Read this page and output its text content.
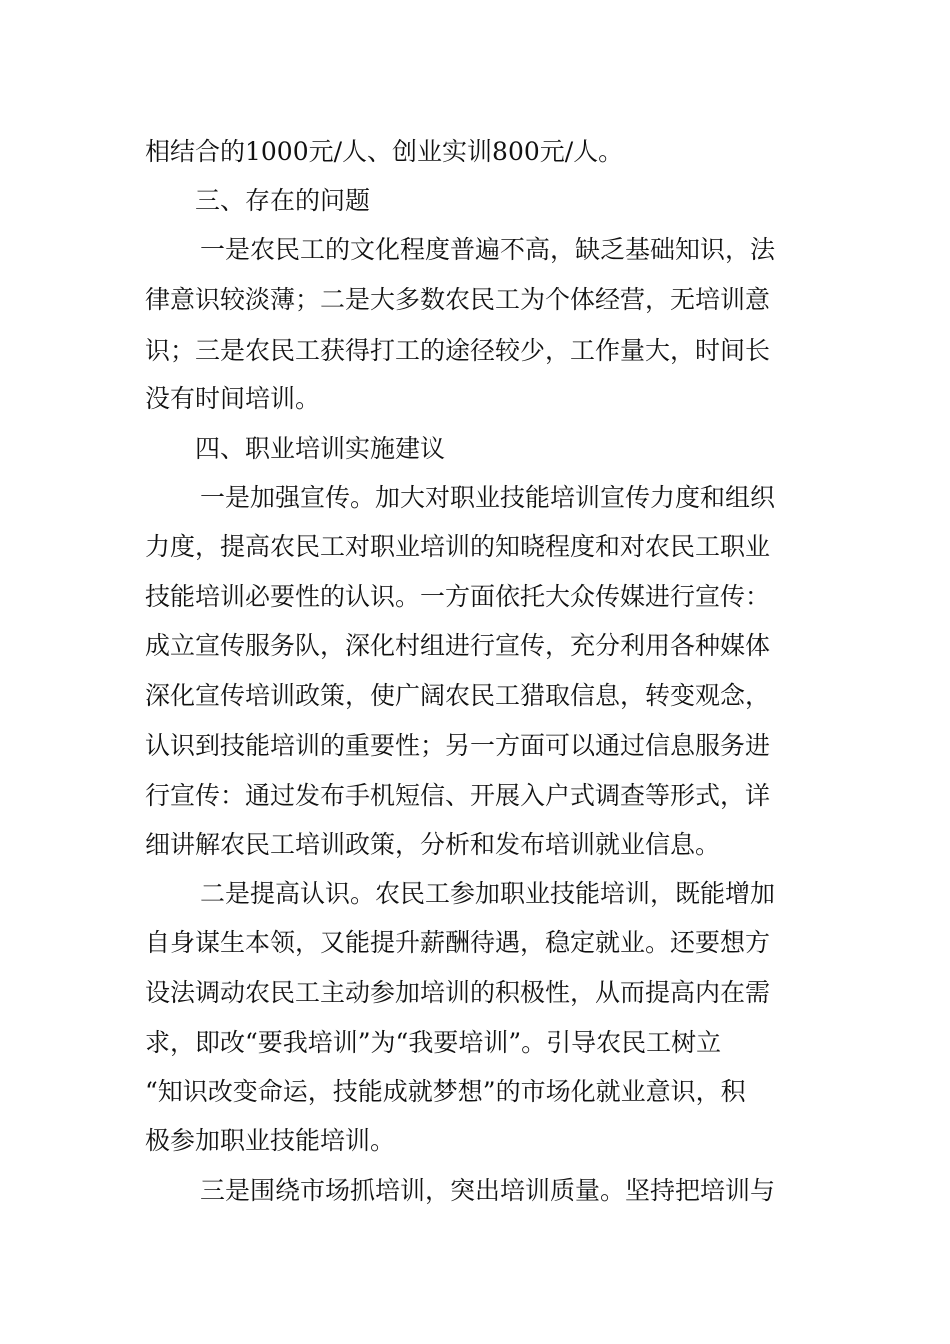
相结合的1000元/人、创业实训800元/人。
三、存在的问题
一是农民工的文化程度普遍不高，缺乏基础知识，法
律意识较淡薄；二是大多数农民工为个体经营，无培训意
识；三是农民工获得打工的途径较少，工作量大，时间长
没有时间培训。
四、职业培训实施建议
一是加强宣传。加大对职业技能培训宣传力度和组织
力度，提高农民工对职业培训的知晓程度和对农民工职业
技能培训必要性的认识。一方面依托大众传媒进行宣传：
成立宣传服务队，深化村组进行宣传，充分利用各种媒体
深化宣传培训政策，使广阔农民工猎取信息，转变观念，
认识到技能培训的重要性；另一方面可以通过信息服务进
行宣传：通过发布手机短信、开展入户式调查等形式，详
细讲解农民工培训政策，分析和发布培训就业信息。
二是提高认识。农民工参加职业技能培训，既能增加
自身谋生本领，又能提升薪酬待遇，稳定就业。还要想方
设法调动农民工主动参加培训的积极性，从而提高内在需
求，即改“要我培训”为“我要培训”。引导农民工树立
“知识改变命运，技能成就梦想”的市场化就业意识，积
极参加职业技能培训。
三是围绕市场抓培训，突出培训质量。坚持把培训与
